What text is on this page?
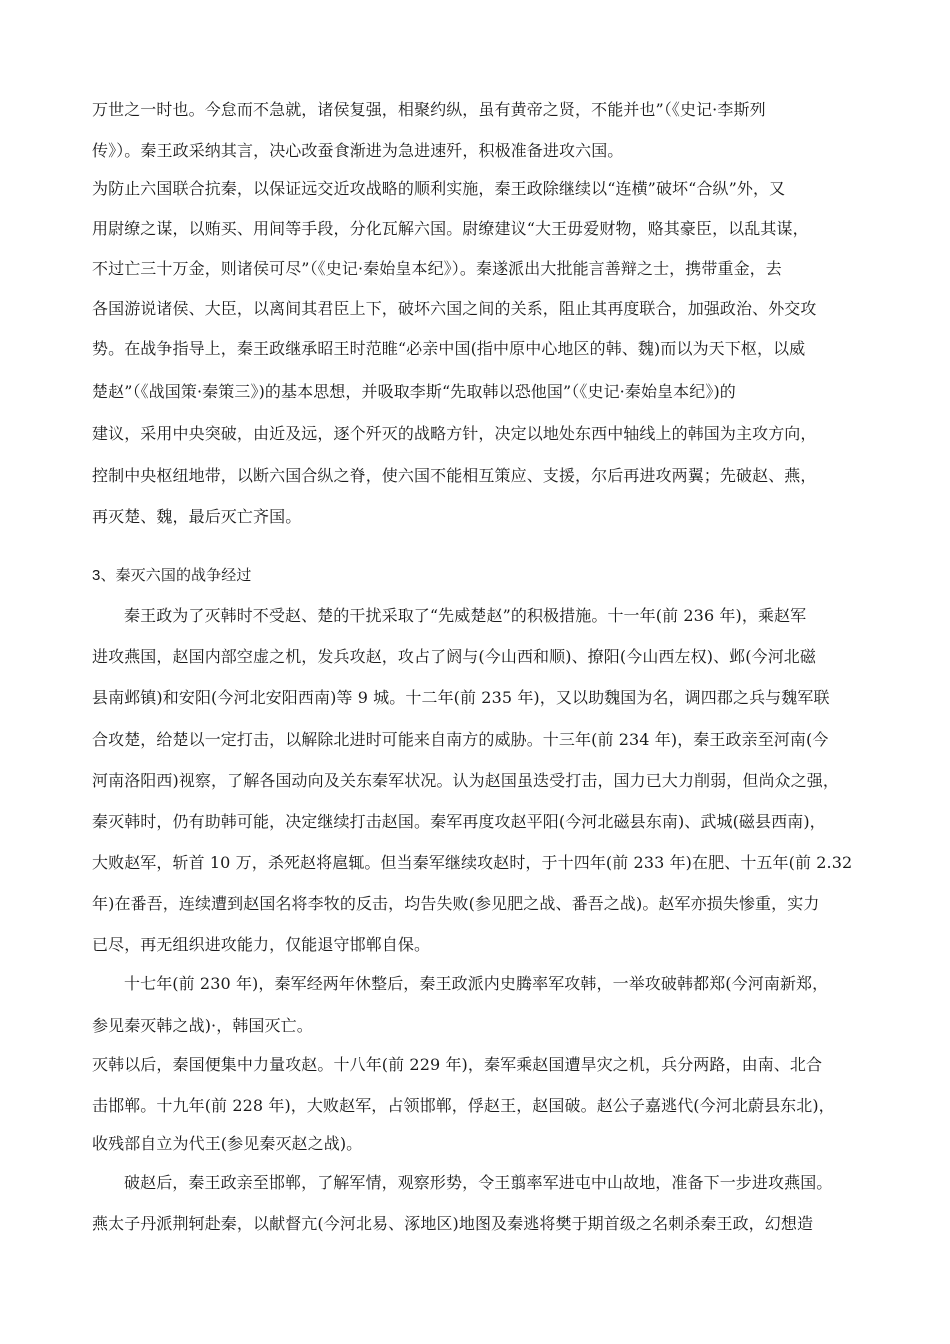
万世之一时也。今怠而不急就，诸侯复强，相聚约纵，虽有黄帝之贤，不能并也”（《史记·李斯列
传》）。秦王政采纳其言，决心改蚕食渐进为急进速歼，积极准备进攻六国。
为防止六国联合抗秦，以保证远交近攻战略的顺利实施，秦王政除继续以“连横”破坏“合纵”外，又
用尉缭之谋，以贿买、用间等手段，分化瓦解六国。尉缭建议“大王毋爱财物，赂其豪臣，以乱其谋，
不过亡三十万金，则诸侯可尽”（《史记·秦始皇本纪》）。秦遂派出大批能言善辩之士，携带重金，去
各国游说诸侯、大臣，以离间其君臣上下，破坏六国之间的关系，阻止其再度联合，加强政治、外交攻
势。在战争指导上，秦王政继承昭王时范睢“必亲中国(指中原中心地区的韩、魏)而以为天下枢，以威
楚赵”（《战国策·秦策三》)的基本思想，并吸取李斯“先取韩以恐他国”（《史记·秦始皇本纪》)的
建议，采用中央突破，由近及远，逐个歼灭的战略方针，决定以地处东西中轴线上的韩国为主攻方向，
控制中央枢纽地带，以断六国合纵之脊，使六国不能相互策应、支援，尔后再进攻两翼；先破赵、燕，
再灭楚、魏，最后灭亡齐国。
3、秦灭六国的战争经过
秦王政为了灭韩时不受赵、楚的干扰采取了“先威楚赵”的积极措施。十一年(前 236 年)，乘赵军
进攻燕国，赵国内部空虚之机，发兵攻赵，攻占了阏与(今山西和顺)、撩阳(今山西左权)、邺(今河北磁
县南邺镇)和安阳(今河北安阳西南)等 9 城。十二年(前 235 年)，又以助魏国为名，调四郡之兵与魏军联
合攻楚，给楚以一定打击，以解除北进时可能来自南方的威胁。十三年(前 234 年)，秦王政亲至河南(今
河南洛阳西)视察，了解各国动向及关东秦军状况。认为赵国虽迭受打击，国力已大力削弱，但尚众之强，
秦灭韩时，仍有助韩可能，决定继续打击赵国。秦军再度攻赵平阳(今河北磁县东南)、武城(磁县西南)，
大败赵军，斩首 10 万，杀死赵将扈辄。但当秦军继续攻赵时，于十四年(前 233 年)在肥、十五年(前 2.32
年)在番吾，连续遭到赵国名将李牧的反击，均告失败(参见肥之战、番吾之战)。赵军亦损失惨重，实力
已尽，再无组织进攻能力，仅能退守邯郸自保。
十七年(前 230 年)，秦军经两年休整后，秦王政派内史腾率军攻韩，一举攻破韩都郑(今河南新郑，
参见秦灭韩之战)·，韩国灭亡。
灭韩以后，秦国便集中力量攻赵。十八年(前 229 年)，秦军乘赵国遭旱灾之机，兵分两路，由南、北合
击邯郸。十九年(前 228 年)，大败赵军，占领邯郸，俘赵王，赵国破。赵公子嘉逃代(今河北蔚县东北)，
收残部自立为代王(参见秦灭赵之战)。
破赵后，秦王政亲至邯郸，了解军情，观察形势，令王翦率军进屯中山故地，准备下一步进攻燕国。
燕太子丹派荆轲赴秦，以献督亢(今河北易、涿地区)地图及秦逃将樊于期首级之名刺杀秦王政，幻想造
